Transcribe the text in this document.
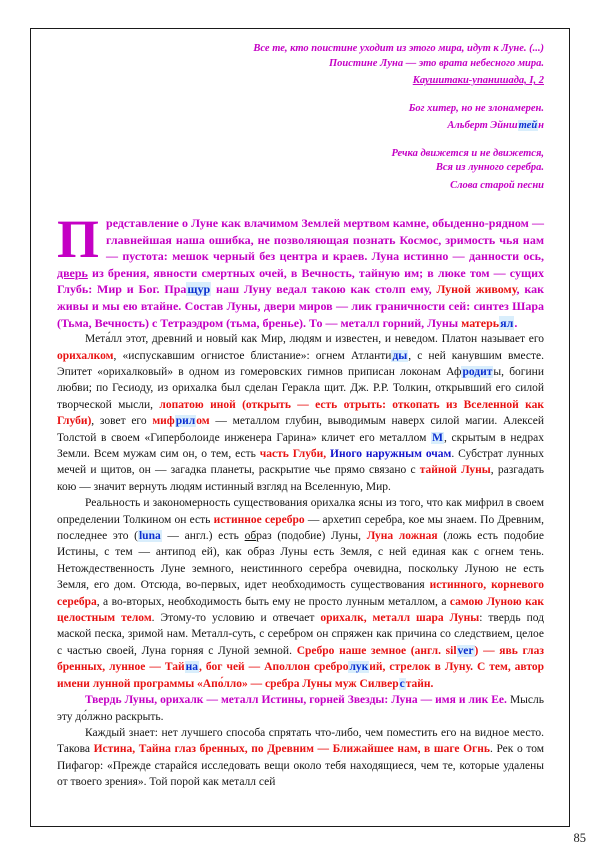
Все те, кто поистине уходит из этого мира, идут к Луне. (...)
Поистине Луна — это врата небесного мира.
Кау̲шитаки-упанишада, I, 2
Бог хитер, но не злонамерен.
Альберт Эйнштейн
Речка движется и не движется,
Вся из лунного серебра.
Слова старой песни
Представление о Луне как влачимом Землей мертвом камне, обыденно-рядном — главнейшая наша ошибка, не позволяющая познать Космос, зримость чья нам — пустота: мешок черный без центра и краев. Луна истинно — данности ось, дверь из брения, явности смертных очей, в Вечность, тайную им; в люке том — сущих Глубь: Мир и Бог. Пращур наш Луну ведал такою как столп ему, Луной живому, как живы и мы ею втайне. Состав Луны, двери миров — лик граничности сей: синтез Шара (Тьма, Вечность) с Тетраэдром (тьма, бренье). То — металл горний, Луны матерьял.
Мета́лл этот, древний и новый как Мир, людям и известен, и неведом. Платон называет его орихалком, «испускавшим огнистое блистание»: огнем Атлантиды, с ней канувшим вместе. Эпитет «орихалковый» в одном из гомеровских гимнов приписан локонам Афродиты, богини любви; по Гесиоду, из орихалка был сделан Геракла щит. Дж. Р.Р. Толкин, открывший его силой творческой мысли, лопатою иной (открыть — есть отрыть: откопать из Вселенной как Глуби), зовет его мифрилом — металлом глубин, выводимым наверх силой магии. Алексей Толстой в своем «Гиперболоиде инженера Гарина» кличет его металлом М, скрытым в недрах Земли. Всем мужам сим он, о тем, есть часть Глуби, Иного наружным очам. Субстрат лунных мечей и щитов, он — загадка планеты, раскрытие чье прямо связано с тайной Луны, разгадать кою — значит вернуть людям истинный взгляд на Вселенную, Мир.
Реальность и закономерность существования орихалка ясны из того, что как мифрил в своем определении Толкином он есть истинное серебро — архетип серебра, кое мы знаем. По Древним, последнее это (luna — англ.) есть образ (подобие) Луны, Луна ложная (ложь есть подобие Истины, с тем — антипод ей), как образ Луны есть Земля, с ней единая как с огнем тень. Нетождественность Луне земного, неистинного серебра очевидна, поскольку Луною не есть Земля, его дом. Отсюда, во-первых, идет необходимость существования истинного, корневого серебра, а во-вторых, необходимость быть ему не просто лунным металлом, а самою Луною как целостным телом. Этому-то условию и отвечает орихалк, металл шара Луны: твердь под маской песка, зримой нам. Металл-суть, с серебром он спряжен как причина со следствием, целое с частью своей, Луна горняя с Луной земной. Сребро наше земное (англ. silver) — явь глаз бренных, лунное — Тайна, бог чей — Аполлон сребролукий, стрелок в Луну. С тем, автор имени лунной программы «Апо́лло» — сребра Луны муж Силверстайн.
Твердь Луны, орихалк — металл Истины, горней Звезды: Луна — имя и лик Ее. Мысль эту до́лжно раскрыть.
Каждый знает: нет лучшего способа спрятать что-либо, чем поместить его на видное место. Такова Истина, Тайна глаз бренных, по Древним — Ближайшее нам, в шаге Огнь. Рек о том Пифагор: «Прежде старайся исследовать вещи около тебя находящиеся, чем те, которые удалены от твоего зрения». Той порой как металл сей
85
